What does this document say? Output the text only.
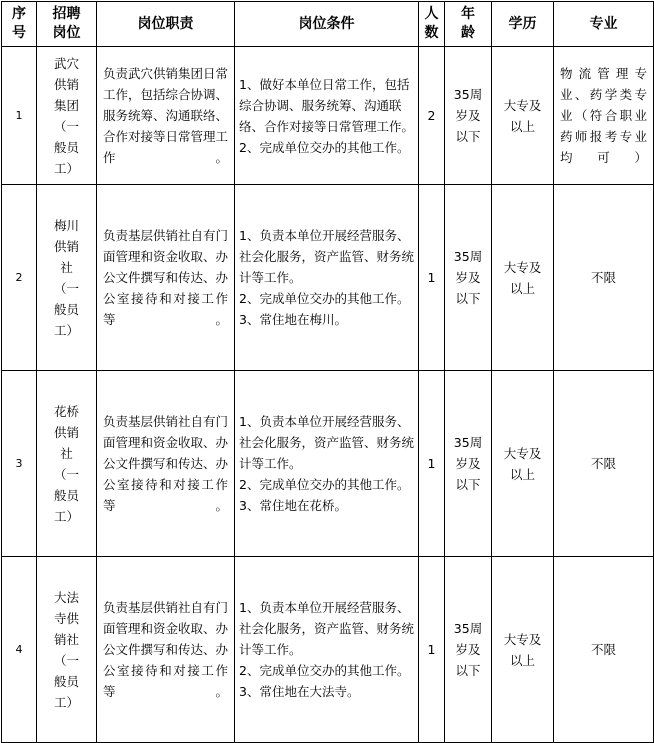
序号	招聘岗位	岗位职责	岗位条件	人数	年龄	学历	专业
1	武穴供销集团（一般员工）	负责武穴供销集团日常工作，包括综合协调、服务统筹、沟通联络、合作对接等日常管理工作。	1、做好本单位日常工作，包括综合协调、服务统筹、沟通联络、合作对接等日常管理工作。
2、完成单位交办的其他工作。	2	35周岁及以下	大专及以上	物流管理专业、药学类专业（符合职业药师报考专业均可）

2	梅川供销社（一般员工）	负责基层供销社自有门面管理和资金收取、办公文件撰写和传达、办公室接待和对接工作等。	1、负责本单位开展经营服务、社会化服务，资产监管、财务统计等工作。
2、完成单位交办的其他工作。
3、常住地在梅川。	1	35周岁及以下	大专及以上	不限
3	花桥供销社（一般员工）	负责基层供销社自有门面管理和资金收取、办公文件撰写和传达、办公室接待和对接工作等。	1、负责本单位开展经营服务、社会化服务，资产监管、财务统计等工作。
2、完成单位交办的其他工作。
3、常住地在花桥。	1	35周岁及以下	大专及以上	不限
4	大法寺供销社（一般员工）	负责基层供销社自有门面管理和资金收取、办公文件撰写和传达、办公室接待和对接工作等。	1、负责本单位开展经营服务、社会化服务，资产监管、财务统计等工作。
2、完成单位交办的其他工作。
3、常住地在大法寺。	1	35周岁及以下	大专及以上	不限
